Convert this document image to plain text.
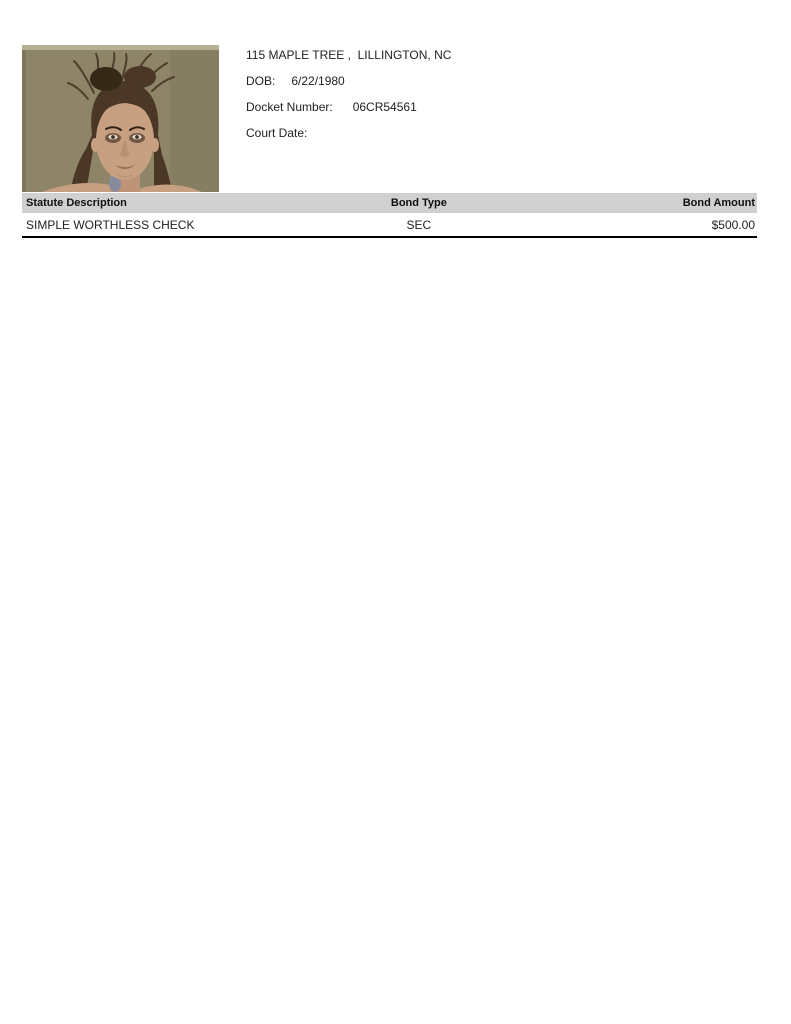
115 MAPLE TREE ,  LILLINGTON, NC
DOB: 6/22/1980
Docket Number: 06CR54561
Court Date:
Statute Description	Bond Type	Bond Amount
SIMPLE WORTHLESS CHECK	SEC	$500.00
